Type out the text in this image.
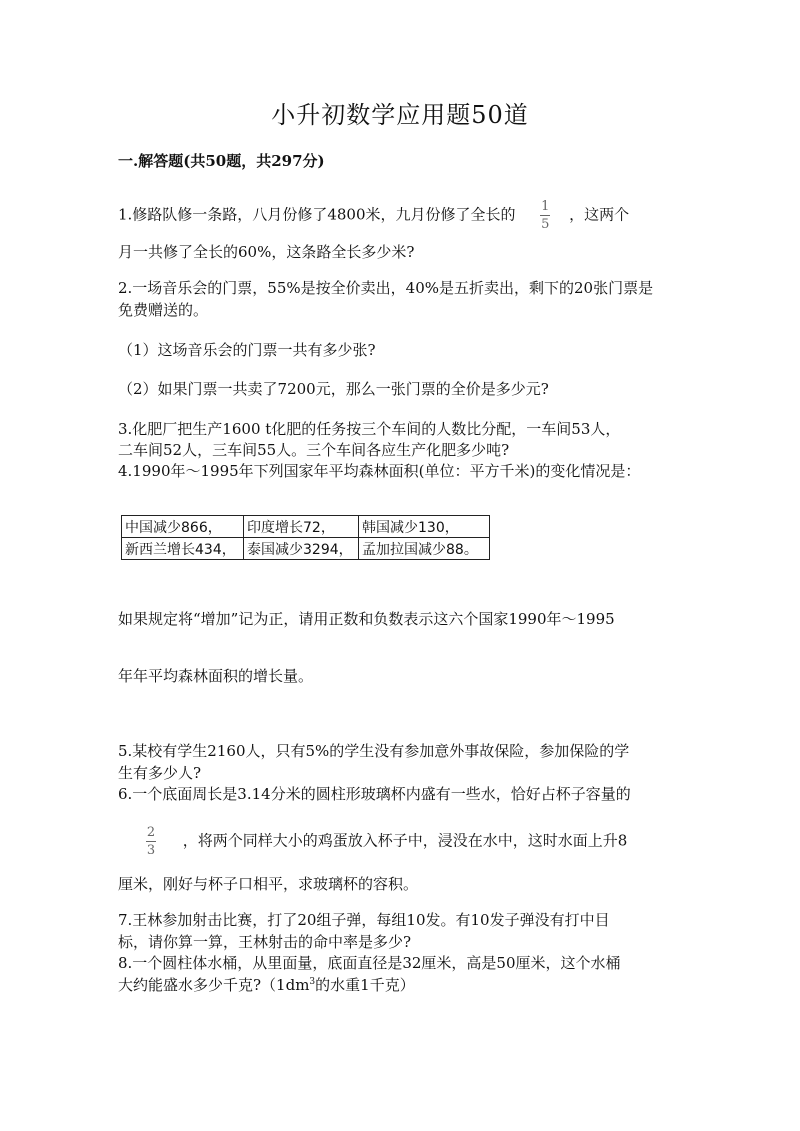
小升初数学应用题50道
一.解答题(共50题，共297分)
1.修路队修一条路，八月份修了4800米，九月份修了全长的 $\frac{1}{5}$ ，这两个
月一共修了全长的60%，这条路全长多少米?
2.一场音乐会的门票，55%是按全价卖出，40%是五折卖出，剩下的20张门票是
免费赠送的。
（1）这场音乐会的门票一共有多少张?
（2）如果门票一共卖了7200元，那么一张门票的全价是多少元?
3.化肥厂把生产1600 t化肥的任务按三个车间的人数比分配，一车间53人，
二车间52人，三车间55人。三个车间各应生产化肥多少吨?
4.1990年～1995年下列国家年平均森林面积(单位：平方千米)的变化情况是：
中国减少866，	印度增长72，	韩国减少130，
新西兰增长434，	泰国减少3294，	孟加拉国减少88。
如果规定将“增加”记为正，请用正数和负数表示这六个国家1990年～1995
年年平均森林面积的增长量。
5.某校有学生2160人，只有5%的学生没有参加意外事故保险，参加保险的学
生有多少人?
6.一个底面周长是3.14分米的圆柱形玻璃杯内盛有一些水，恰好占杯子容量的
$\frac{2}{3}$ ，将两个同样大小的鸡蛋放入杯子中，浸没在水中，这时水面上升8
厘米，刚好与杯子口相平，求玻璃杯的容积。
7.王林参加射击比赛，打了20组子弹，每组10发。有10发子弹没有打中目
标，请你算一算，王林射击的命中率是多少?
8.一个圆柱体水桶，从里面量，底面直径是32厘米，高是50厘米，这个水桶
大约能盛水多少千克$?(1dm^3$的水重1千克）
